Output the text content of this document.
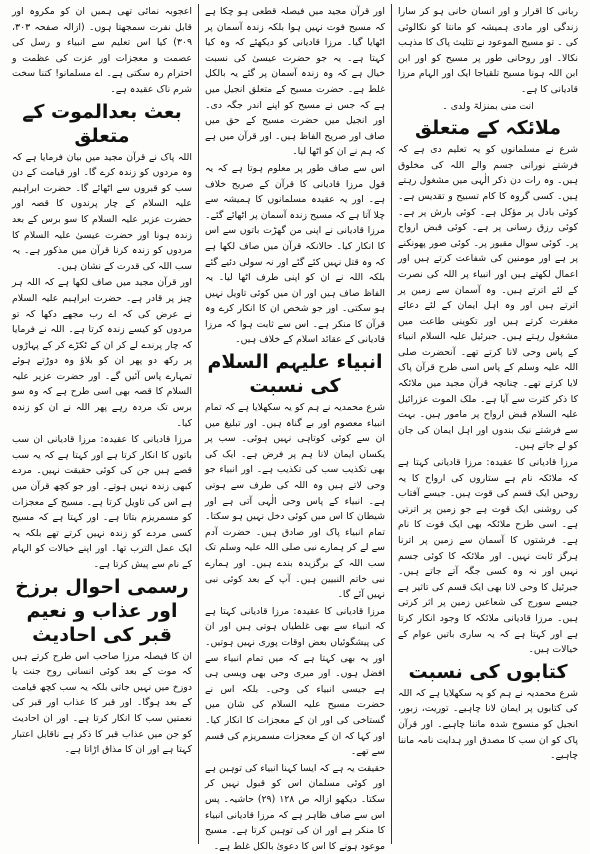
ربانی کا اقرار و اور انسان خانی ہو کر سارا زندگی اور مادی ہمیشہ کو مانتا کو نکالوئی کی ۔ تو مسیح الموعود نے تثلیث پاک کا مذہب نکالا۔ اور روحانی طور پر مسیح کو اور ابن ابن اللہ ہونا مسیح تلقیاجا ایک اور الہام مرزا قادیانی کا ہے۔

انت منی بمنزلۃ ولدی ۔

ملائکہ کے متعلق

شرع نے مسلمانوں کو یہ تعلیم دی ہے کہ فرشتے نورانی جسم والے اللہ کی مخلوق ہیں۔ وہ رات دن ذکر الٰہی میں مشغول رہتے ہیں۔ کسی گروہ کا کام تسبیح و تقدیس ہے۔ کوئی بادل پر مؤکل ہے۔ کوئی بارش پر ہے۔ کوئی رزق رسانی پر ہے۔ کوئی قبض ارواح پر۔ کوئی سوال مقبور پر۔ کوئی صور پھونکنے پر ہے اور مومنین کی شفاعت کرتے ہیں اور اعمال لکھتے ہیں اور انبیاء پر اللہ کی نصرت کے لئے اترتے ہیں۔ وہ آسمان سے زمین پر اترتے ہیں اور وہ اہل ایمان کے لئے دعائے مغفرت کرتے ہیں اور تکوینی طاعت میں مشغول رہتے ہیں۔ جبرئیل علیہ السلام انبیاء کے پاس وحی لانا کرتے تھے۔ آنحضرت صلی اللہ علیہ وسلم کے پاس اسی طرح قرآن پاک لایا کرتے تھے۔ چنانچہ قرآن مجید میں ملائکہ کا ذکر کثرت سے آیا ہے۔ ملک الموت عزرائیل علیہ السلام قبض ارواح پر مامور ہیں۔ بہت سے فرشتے نیک بندوں اور اہل ایمان کی جان کو لے جاتے ہیں۔

مرزا قادیانی کا عقیدہ: مرزا قادیانی کہتا ہے کہ ملائکہ نام ہے ستاروں کی ارواح کا یہ روحیں ایک قسم کی قوت ہیں۔ جیسے آفتاب کی روشنی ایک قوت ہے جو زمین پر اترتی ہے۔ اسی طرح ملائکہ بھی ایک قوت کا نام ہے۔ فرشتوں کا آسمان سے زمین پر اترنا ہرگز ثابت نہیں۔ اور ملائکہ کا کوئی جسم نہیں اور نہ وہ کسی جگہ آتے جاتے ہیں۔ جبرئیل کا وحی لانا بھی ایک قسم کی تاثیر ہے جیسے سورج کی شعاعیں زمین پر اثر کرتی ہیں۔ مرزا قادیانی ملائکہ کا وجود انکار کرتا ہے اور کہتا ہے کہ یہ ساری باتیں عوام کے خیالات ہیں۔

کتابوں کی نسبت

شرع محمدیہ نے ہم کو یہ سکھلایا ہے کہ اللہ کی کتابوں پر ایمان لانا چاہیے۔ توریت، زبور، انجیل کو منسوخ شدہ ماننا چاہیے۔ اور قرآن پاک کو ان سب کا مصدق اور ہدایت نامہ ماننا چاہیے۔

اور قرآن مجید میں فیصلہ قطعی ہو چکا ہے کہ مسیح فوت نہیں ہوا بلکہ زندہ آسمان پر اٹھایا گیا۔ مرزا قادیانی کو دیکھئے کہ وہ کیا کہتا ہے۔ یہ جو حضرت عیسیٰ کی نسبت خیال ہے کہ وہ زندہ آسمان پر گئے یہ بالکل غلط ہے۔ حضرت مسیح کے متعلق انجیل میں ہے کہ جس نے مسیح کو اپنے اندر جگہ دی۔ اور انجیل میں حضرت مسیح کے حق میں صاف اور صریح الفاظ ہیں۔ اور قرآن میں ہے کہ ہم نے ان کو اٹھا لیا۔

اس سے صاف طور پر معلوم ہوتا ہے کہ یہ قول مرزا قادیانی کا قرآن کے صریح خلاف ہے۔ اور یہ عقیدہ مسلمانوں کا ہمیشہ سے چلا آتا ہے کہ مسیح زندہ آسمان پر اٹھائے گئے۔ مرزا قادیانی نے اپنی من گھڑت باتوں سے اس کا انکار کیا۔ حالانکہ قرآن میں صاف لکھا ہے کہ وہ قتل نہیں کئے گئے اور نہ سولی دئیے گئے بلکہ اللہ نے ان کو اپنی طرف اٹھا لیا۔ یہ الفاظ صاف ہیں اور ان میں کوئی تاویل نہیں ہو سکتی۔ اور جو شخص ان کا انکار کرے وہ قرآن کا منکر ہے۔ اس سے ثابت ہوا کہ مرزا قادیانی کے عقائد اسلام کے خلاف ہیں۔

انبیاء علیہم السلام کی نسبت

شرع محمدیہ نے ہم کو یہ سکھلایا ہے کہ تمام انبیاء معصوم اور بے گناہ ہیں۔ اور تبلیغ میں ان سے کوئی کوتاہی نہیں ہوئی۔ سب پر یکساں ایمان لانا ہم پر فرض ہے۔ ایک کی بھی تکذیب سب کی تکذیب ہے۔ اور انبیاء جو وحی لاتے ہیں وہ اللہ کی طرف سے ہوتی ہے۔ انبیاء کے پاس وحی الٰہی آتی ہے اور شیطان کا اس میں کوئی دخل نہیں ہو سکتا۔ تمام انبیاء پاک اور صادق ہیں۔ حضرت آدم سے لے کر ہمارے نبی صلی اللہ علیہ وسلم تک سب اللہ کے برگزیدہ بندے ہیں۔ اور ہمارے نبی خاتم النبیین ہیں۔ آپ کے بعد کوئی نبی نہیں آئے گا۔

مرزا قادیانی کا عقیدہ: مرزا قادیانی کہتا ہے کہ انبیاء سے بھی غلطیاں ہوتی ہیں اور ان کی پیشگوئیاں بعض اوقات پوری نہیں ہوتیں۔ اور یہ بھی کہتا ہے کہ میں تمام انبیاء سے افضل ہوں۔ اور میری وحی بھی ویسی ہی ہے جیسی انبیاء کی وحی۔ بلکہ اس نے حضرت مسیح علیہ السلام کی شان میں گستاخی کی اور ان کے معجزات کا انکار کیا۔ اور کہا کہ ان کے معجزات مسمریزم کی قسم سے تھے۔

حقیقت یہ ہے کہ ایسا کہنا انبیاء کی توہین ہے اور کوئی مسلمان اس کو قبول نہیں کر سکتا۔ دیکھو ازالہ ص ۱۲۸ (۲۹) حاشیہ۔ پس اس سے صاف ظاہر ہے کہ مرزا قادیانی انبیاء کا منکر ہے اور ان کی توہین کرتا ہے۔ مسیح موعود ہونے کا اس کا دعویٰ بالکل غلط ہے۔

اعجوبہ نمائی تھی ہمیں ان کو مکروہ اور قابل نفرت سمجھتا ہوں۔ (ازالہ صفحہ ۳۰۳، ۳۰۹) کیا اس تعلیم سے انبیاء و رسل کی عصمت و معجزات اور عزت کی عظمت و احترام رہ سکتی ہے۔ اے مسلمانو! کتنا سخت شرم ناک عقیدہ ہے۔

بعث بعدالموت کے متعلق

اللہ پاک نے قرآن مجید میں بیان فرمایا ہے کہ وہ مردوں کو زندہ کرے گا۔ اور قیامت کے دن سب کو قبروں سے اٹھائے گا۔ حضرت ابراہیم علیہ السلام کے چار پرندوں کا قصہ اور حضرت عزیر علیہ السلام کا سو برس کے بعد زندہ ہونا اور حضرت عیسیٰ علیہ السلام کا مردوں کو زندہ کرنا قرآن میں مذکور ہے۔ یہ سب اللہ کی قدرت کے نشان ہیں۔

اور قرآن مجید میں صاف لکھا ہے کہ اللہ ہر چیز پر قادر ہے۔ حضرت ابراہیم علیہ السلام نے عرض کی کہ اے رب مجھے دکھا کہ تو مردوں کو کیسے زندہ کرتا ہے۔ اللہ نے فرمایا کہ چار پرندے لے کر ان کے ٹکڑے کر کے پہاڑوں پر رکھ دو پھر ان کو بلاؤ وہ دوڑتے ہوئے تمہارے پاس آئیں گے۔ اور حضرت عزیر علیہ السلام کا قصہ بھی اسی طرح ہے کہ وہ سو برس تک مردہ رہے پھر اللہ نے ان کو زندہ کیا۔

مرزا قادیانی کا عقیدہ: مرزا قادیانی ان سب باتوں کا انکار کرتا ہے اور کہتا ہے کہ یہ سب قصے ہیں جن کی کوئی حقیقت نہیں۔ مردے کبھی زندہ نہیں ہوتے۔ اور جو کچھ قرآن میں ہے اس کی تاویل کرتا ہے۔ مسیح کے معجزات کو مسمریزم بتاتا ہے۔ اور کہتا ہے کہ مسیح کسی مردے کو زندہ نہیں کرتے تھے بلکہ یہ ایک عمل الترب تھا۔ اور اپنے خیالات کو الہام کے نام سے پیش کرتا ہے۔

رسمی احوال برزخ اور عذاب و نعیم قبر کی احادیث

ان کا فیصلہ مرزا صاحب اس طرح کرتے ہیں کہ موت کے بعد کوئی انسانی روح جنت یا دوزخ میں نہیں جاتی بلکہ یہ سب کچھ قیامت کے بعد ہوگا۔ اور قبر کا عذاب اور قبر کی نعمتیں سب کا انکار کرتا ہے۔ اور ان احادیث کو جن میں عذاب قبر کا ذکر ہے ناقابل اعتبار کہتا ہے اور ان کا مذاق اڑاتا ہے۔
